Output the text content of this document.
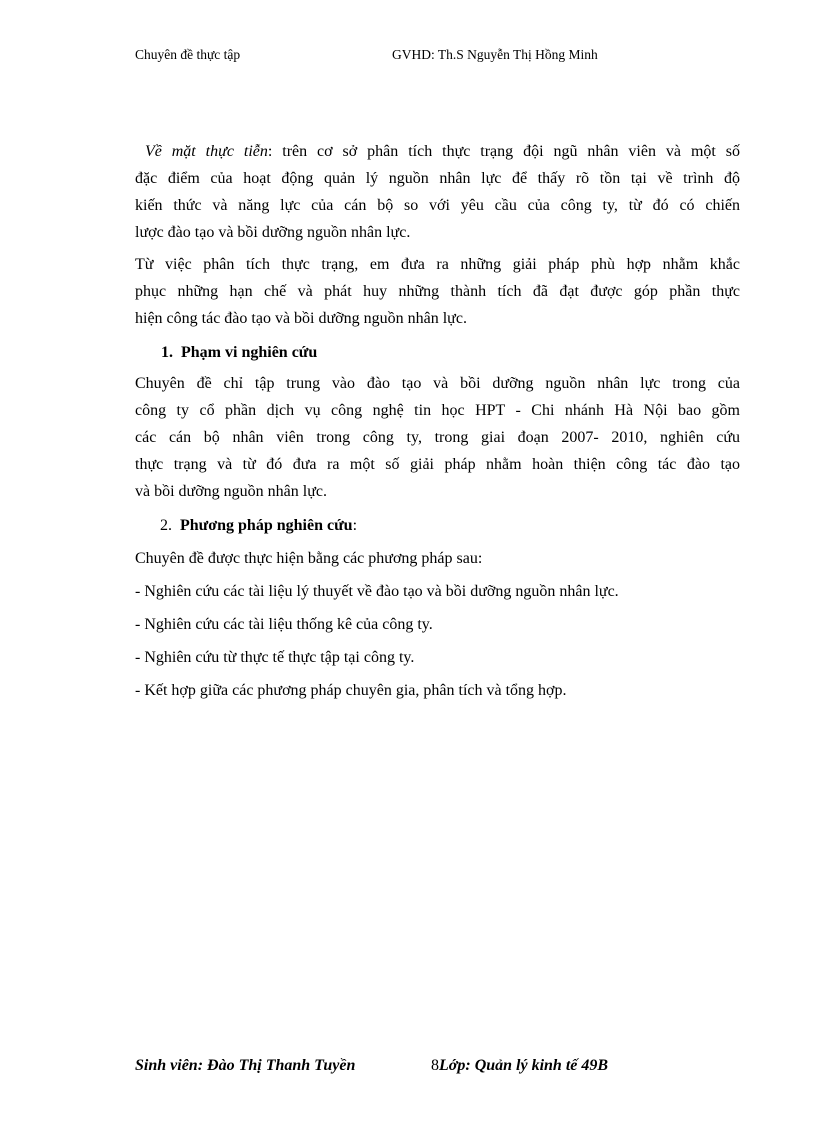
Chuyên đề thực tập	GVHD: Th.S Nguyễn Thị Hồng Minh

Về mặt thực tiễn: trên cơ sở phân tích thực trạng đội ngũ nhân viên và một số

đặc điểm của hoạt động quản lý nguồn nhân lực để thấy rõ tồn tại về trình độ

kiến thức và năng lực của cán bộ so với yêu cầu của công ty, từ đó có chiến

lược đào tạo và bồi dưỡng nguồn nhân lực.

Từ việc phân tích thực trạng, em đưa ra những giải pháp phù hợp nhằm khắc

phục những hạn chế và phát huy những thành tích đã đạt được góp phần thực

hiện công tác đào tạo và bồi dưỡng nguồn nhân lực.

1. Phạm vi nghiên cứu

Chuyên đề chỉ tập trung vào đào tạo và bồi dưỡng nguồn nhân lực trong của

công ty cổ phần dịch vụ công nghệ tin học HPT - Chi nhánh Hà Nội bao gồm

các cán bộ nhân viên trong công ty, trong giai đoạn 2007- 2010, nghiên cứu

thực trạng và từ đó đưa ra một số giải pháp nhằm hoàn thiện công tác đào tạo

và bồi dưỡng nguồn nhân lực.

2. Phương pháp nghiên cứu:

Chuyên đề được thực hiện bằng các phương pháp sau:

- Nghiên cứu các tài liệu lý thuyết về đào tạo và bồi dưỡng nguồn nhân lực.

- Nghiên cứu các tài liệu thống kê của công ty.

- Nghiên cứu từ thực tế thực tập tại công ty.

- Kết hợp giữa các phương pháp chuyên gia, phân tích và tổng hợp.

Sinh viên: Đào Thị Thanh Tuyền	8Lớp: Quản lý kinh tế 49B
